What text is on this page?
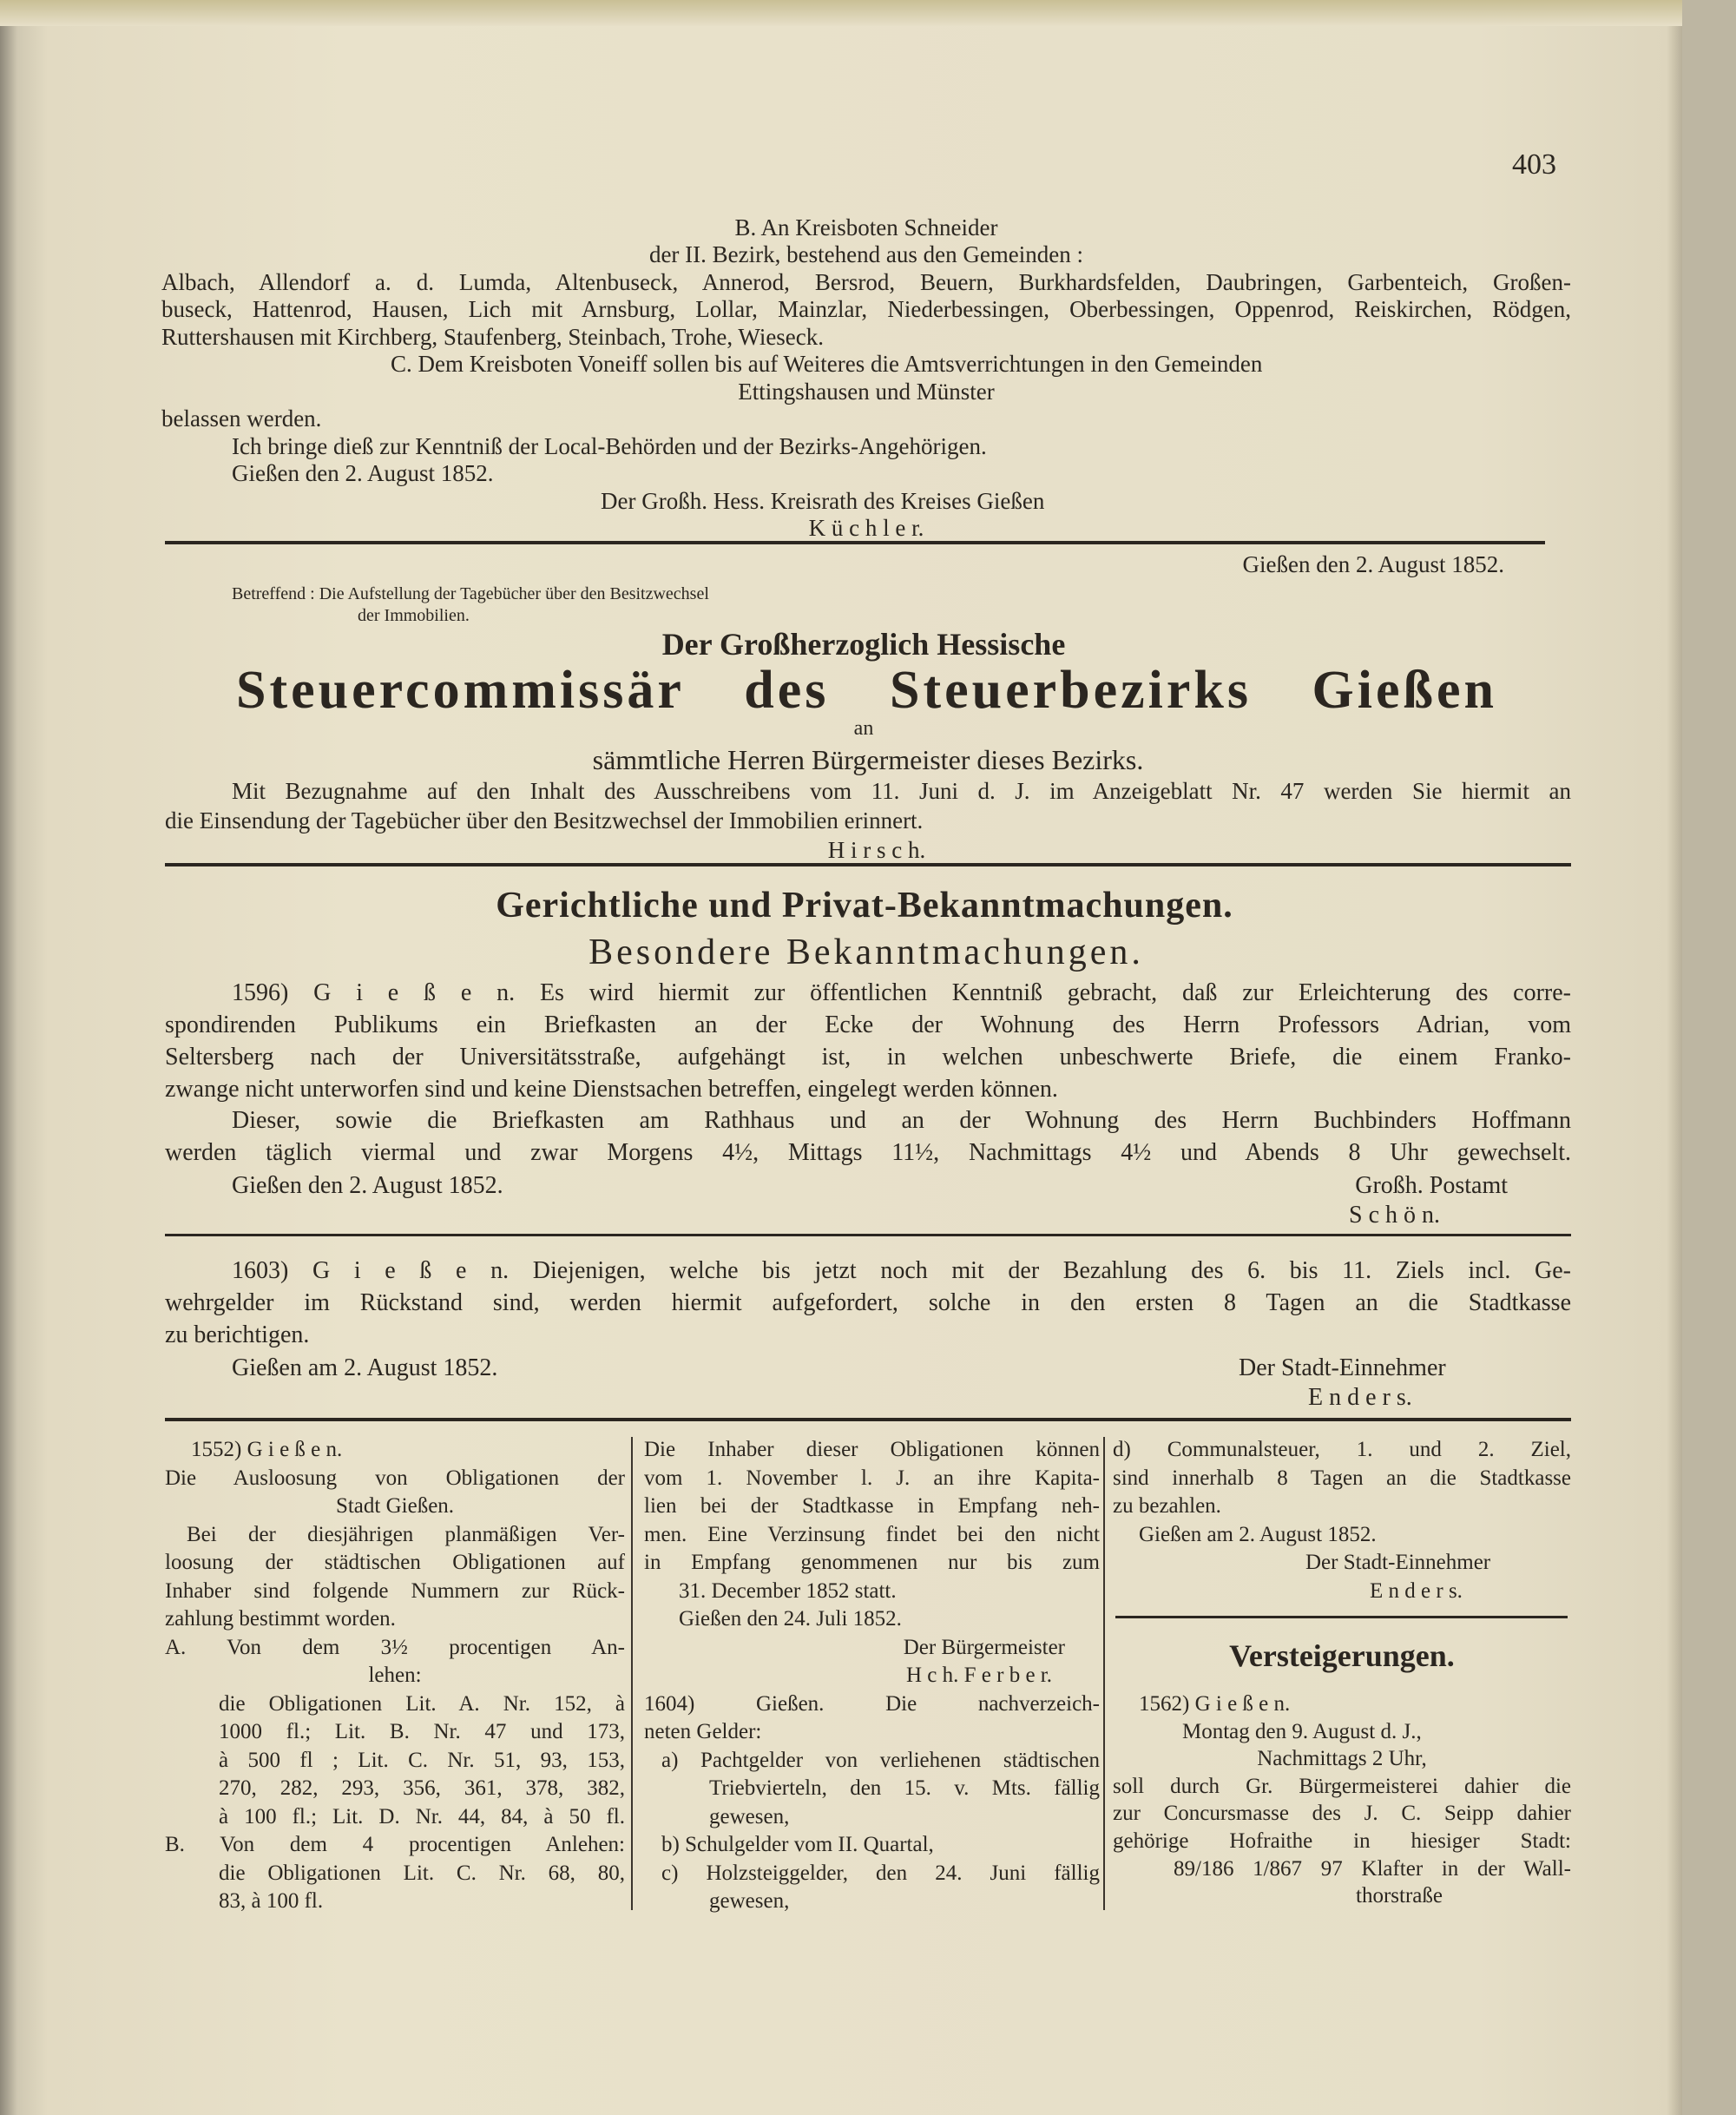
403
B. An Kreisboten Schneider
der II. Bezirk, bestehend aus den Gemeinden :
Albach, Allendorf a. d. Lumda, Altenbuseck, Annerod, Bersrod, Beuern, Burkhardsfelden, Daubringen, Garbenteich, Großen-
buseck, Hattenrod, Hausen, Lich mit Arnsburg, Lollar, Mainzlar, Niederbessingen, Oberbessingen, Oppenrod, Reiskirchen, Rödgen,
Ruttershausen mit Kirchberg, Staufenberg, Steinbach, Trohe, Wieseck.
C. Dem Kreisboten Voneiff sollen bis auf Weiteres die Amtsverrichtungen in den Gemeinden
Ettingshausen und Münster
belassen werden.
Ich bringe dieß zur Kenntniß der Local-Behörden und der Bezirks-Angehörigen.
Gießen den 2. August 1852.
Der Großh. Hess. Kreisrath des Kreises Gießen
K ü c h l e r.
Gießen den 2. August 1852.
Betreffend : Die Aufstellung der Tagebücher über den Besitzwechsel
der Immobilien.
Der Großherzoglich Hessische
Steuercommissär des Steuerbezirks Gießen
an
sämmtliche Herren Bürgermeister dieses Bezirks.
Mit Bezugnahme auf den Inhalt des Ausschreibens vom 11. Juni d. J. im Anzeigeblatt Nr. 47 werden Sie hiermit an
die Einsendung der Tagebücher über den Besitzwechsel der Immobilien erinnert.
H i r s c h.
Gerichtliche und Privat-Bekanntmachungen.
Besondere Bekanntmachungen.
1596) G i e ß e n. Es wird hiermit zur öffentlichen Kenntniß gebracht, daß zur Erleichterung des corre-
spondirenden Publikums ein Briefkasten an der Ecke der Wohnung des Herrn Professors Adrian, vom
Seltersberg nach der Universitätsstraße, aufgehängt ist, in welchen unbeschwerte Briefe, die einem Franko-
zwange nicht unterworfen sind und keine Dienstsachen betreffen, eingelegt werden können.
Dieser, sowie die Briefkasten am Rathhaus und an der Wohnung des Herrn Buchbinders Hoffmann
werden täglich viermal und zwar Morgens 4½, Mittags 11½, Nachmittags 4½ und Abends 8 Uhr gewechselt.
Gießen den 2. August 1852.	Großh. Postamt
S c h ö n.
1603) G i e ß e n. Diejenigen, welche bis jetzt noch mit der Bezahlung des 6. bis 11. Ziels incl. Ge-
wehrgelder im Rückstand sind, werden hiermit aufgefordert, solche in den ersten 8 Tagen an die Stadtkasse
zu berichtigen.
Gießen am 2. August 1852.	Der Stadt-Einnehmer
E n d e r s.
1552) G i e ß e n.
Die Ausloosung von Obligationen der
Stadt Gießen.
Bei der diesjährigen planmäßigen Ver-
loosung der städtischen Obligationen auf
Inhaber sind folgende Nummern zur Rück-
zahlung bestimmt worden.
A. Von dem 3½ procentigen An-
lehen:
die Obligationen Lit. A. Nr. 152, à
1000 fl.; Lit. B. Nr. 47 und 173,
à 500 fl ; Lit. C. Nr. 51, 93, 153,
270, 282, 293, 356, 361, 378, 382,
à 100 fl.; Lit. D. Nr. 44, 84, à 50 fl.
B. Von dem 4 procentigen Anlehen:
die Obligationen Lit. C. Nr. 68, 80,
83, à 100 fl.
Die Inhaber dieser Obligationen können
vom 1. November l. J. an ihre Kapita-
lien bei der Stadtkasse in Empfang neh-
men. Eine Verzinsung findet bei den nicht
in Empfang genommenen nur bis zum
31. December 1852 statt.
Gießen den 24. Juli 1852.
Der Bürgermeister
H c h. F e r b e r.
1604) Gießen. Die nachverzeich-
neten Gelder:
a) Pachtgelder von verliehenen städtischen
Triebvierteln, den 15. v. Mts. fällig
gewesen,
b) Schulgelder vom II. Quartal,
c) Holzsteiggelder, den 24. Juni fällig
gewesen,
d) Communalsteuer, 1. und 2. Ziel,
sind innerhalb 8 Tagen an die Stadtkasse
zu bezahlen.
Gießen am 2. August 1852.
Der Stadt-Einnehmer
E n d e r s.
Versteigerungen.
1562) G i e ß e n.
Montag den 9. August d. J.,
Nachmittags 2 Uhr,
soll durch Gr. Bürgermeisterei dahier die
zur Concursmasse des J. C. Seipp dahier
gehörige Hofraithe in hiesiger Stadt:
89/186 1/867 97 Klafter in der Wall-
thorstraße
